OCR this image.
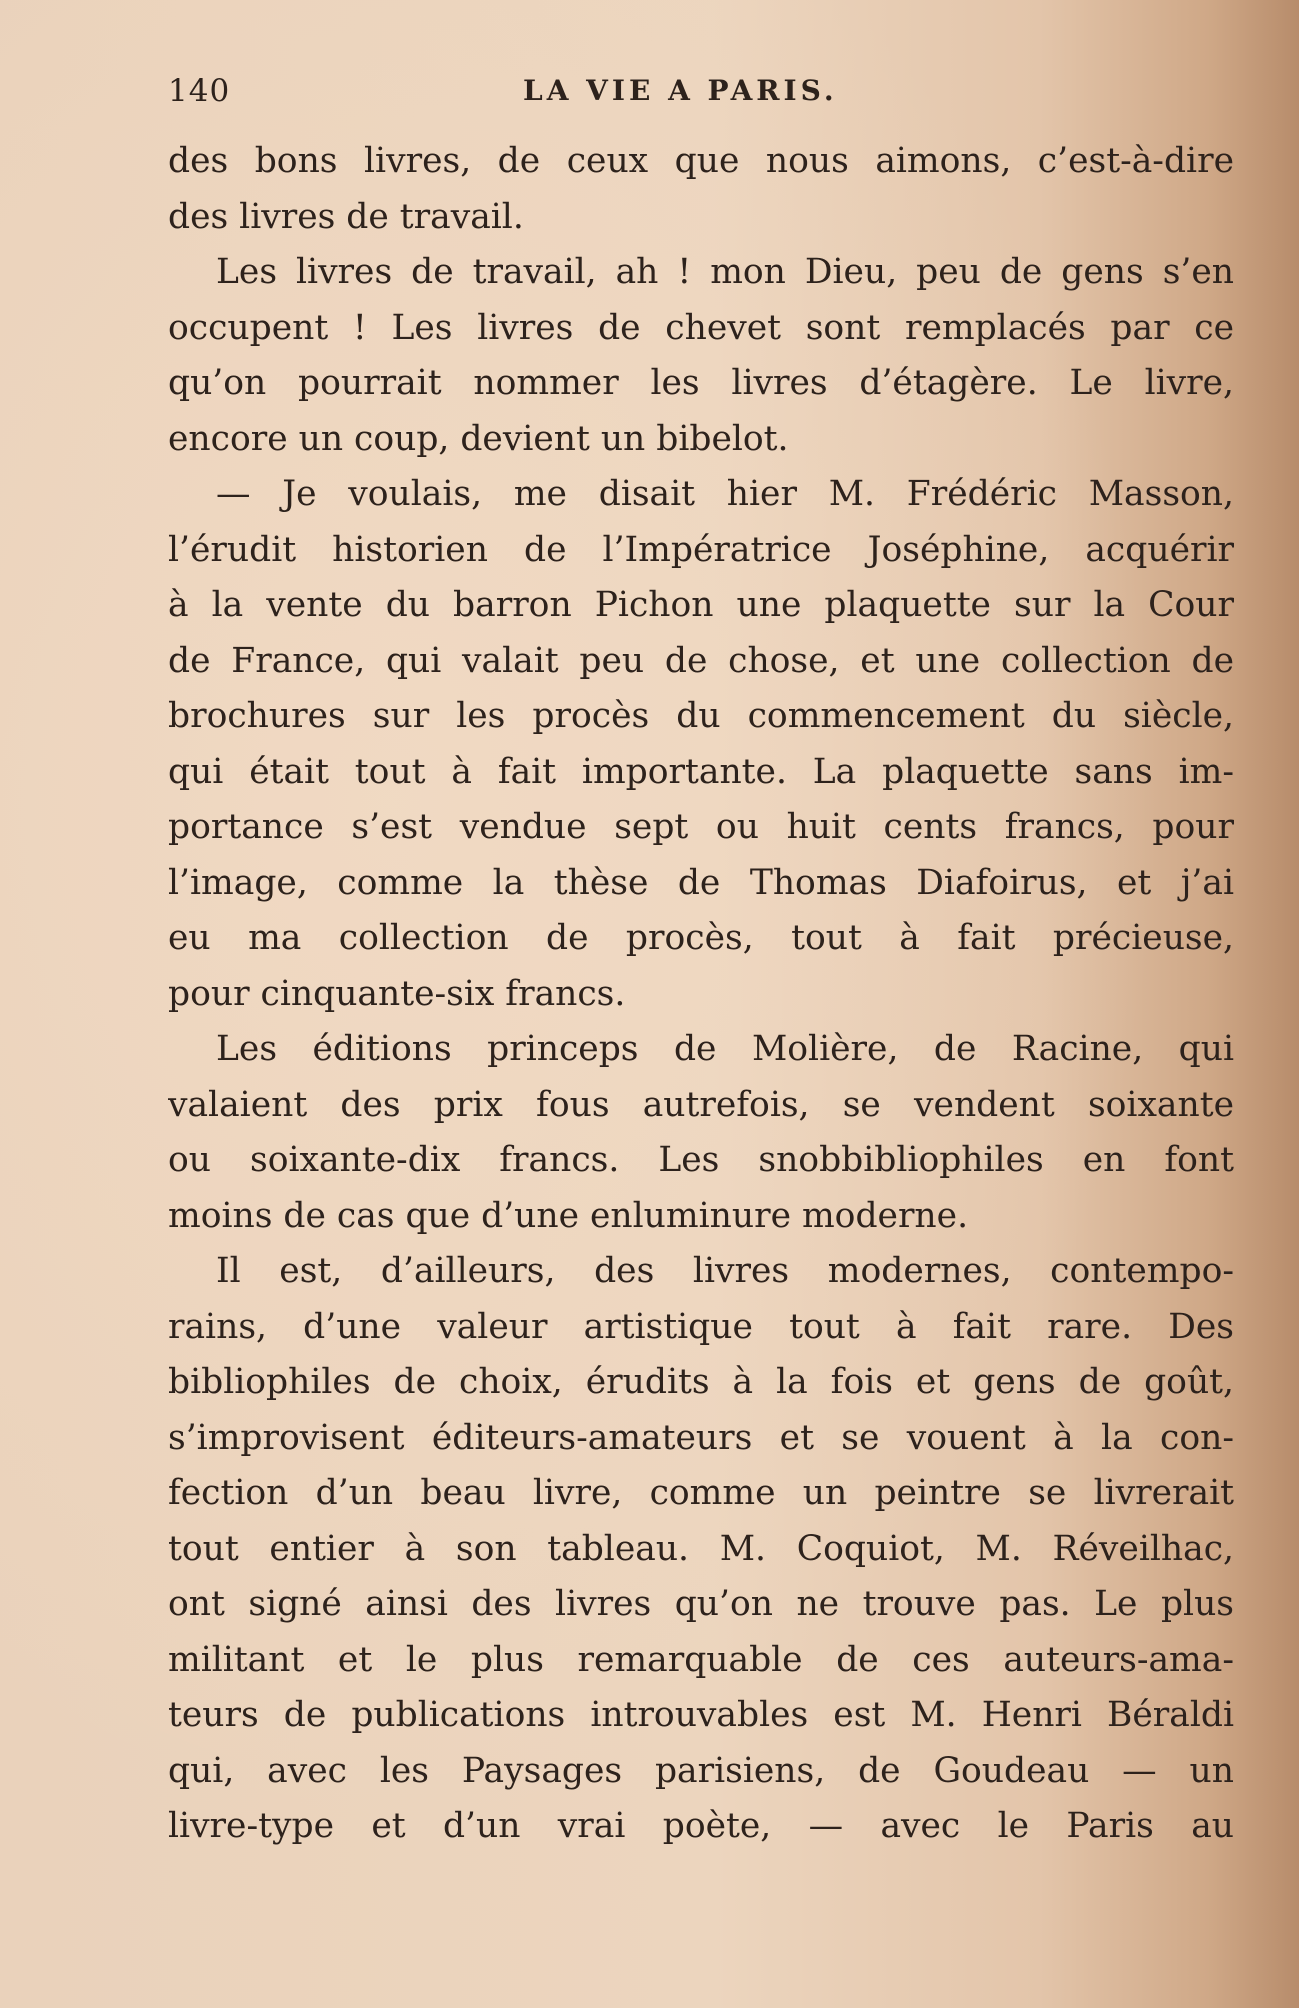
140	LA VIE A PARIS.
des bons livres, de ceux que nous aimons, c’est-à-dire
des livres de travail.
Les livres de travail, ah ! mon Dieu, peu de gens s’en
occupent ! Les livres de chevet sont remplacés par ce
qu’on pourrait nommer les livres d’étagère. Le livre,
encore un coup, devient un bibelot.
— Je voulais, me disait hier M. Frédéric Masson,
l’érudit historien de l’Impératrice Joséphine, acquérir
à la vente du barron Pichon une plaquette sur la Cour
de France, qui valait peu de chose, et une collection de
brochures sur les procès du commencement du siècle,
qui était tout à fait importante. La plaquette sans im-
portance s’est vendue sept ou huit cents francs, pour
l’image, comme la thèse de Thomas Diafoirus, et j’ai
eu ma collection de procès, tout à fait précieuse,
pour cinquante-six francs.
Les éditions princeps de Molière, de Racine, qui
valaient des prix fous autrefois, se vendent soixante
ou soixante-dix francs. Les snobbibliophiles en font
moins de cas que d’une enluminure moderne.
Il est, d’ailleurs, des livres modernes, contempo-
rains, d’une valeur artistique tout à fait rare. Des
bibliophiles de choix, érudits à la fois et gens de goût,
s’improvisent éditeurs-amateurs et se vouent à la con-
fection d’un beau livre, comme un peintre se livrerait
tout entier à son tableau. M. Coquiot, M. Réveilhac,
ont signé ainsi des livres qu’on ne trouve pas. Le plus
militant et le plus remarquable de ces auteurs-ama-
teurs de publications introuvables est M. Henri Béraldi
qui, avec les Paysages parisiens, de Goudeau — un
livre-type et d’un vrai poète, — avec le Paris au
